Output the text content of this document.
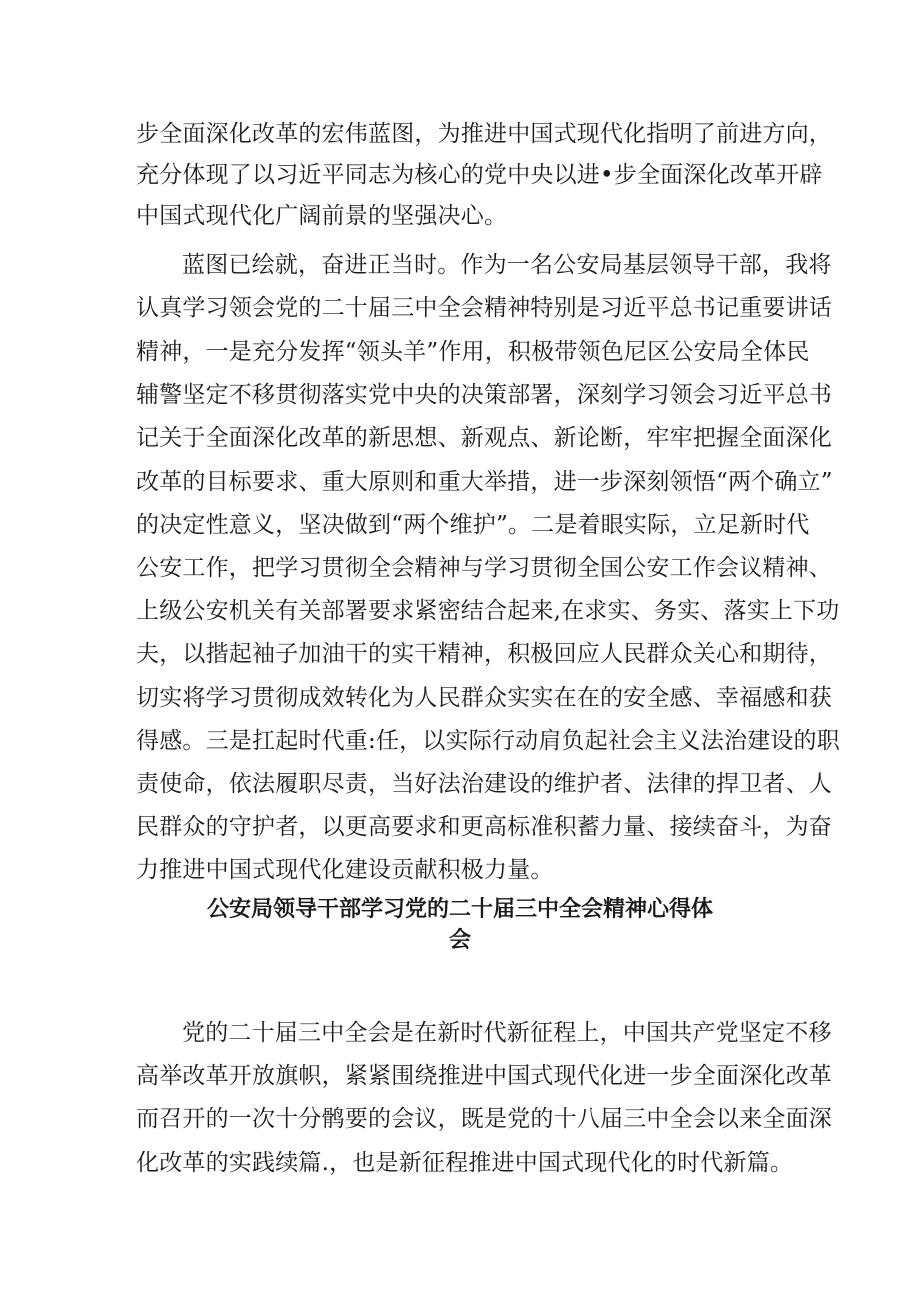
步全面深化改革的宏伟蓝图，为推进中国式现代化指明了前进方向，
充分体现了以习近平同志为核心的党中央以进•步全面深化改革开辟
中国式现代化广阔前景的坚强决心。
蓝图已绘就，奋进正当时。作为一名公安局基层领导干部，我将
认真学习领会党的二十届三中全会精神特别是习近平总书记重要讲话
精神，一是充分发挥“领头羊”作用，积极带领色尼区公安局全体民
辅警坚定不移贯彻落实党中央的决策部署，深刻学习领会习近平总书
记关于全面深化改革的新思想、新观点、新论断，牢牢把握全面深化
改革的目标要求、重大原则和重大举措，进一步深刻领悟“两个确立”
的决定性意义，坚决做到“两个维护”。二是着眼实际，立足新时代
公安工作，把学习贯彻全会精神与学习贯彻全国公安工作会议精神、
上级公安机关有关部署要求紧密结合起来,在求实、务实、落实上下功
夫，以揩起袖子加油干的实干精神，积极回应人民群众关心和期待，
切实将学习贯彻成效转化为人民群众实实在在的安全感、幸福感和获
得感。三是扛起时代重:任，以实际行动肩负起社会主义法治建设的职
责使命，依法履职尽责，当好法治建设的维护者、法律的捍卫者、人
民群众的守护者，以更高要求和更高标准积蓄力量、接续奋斗，为奋
力推进中国式现代化建设贡献积极力量。
公安局领导干部学习党的二十届三中全会精神心得体
会
党的二十届三中全会是在新时代新征程上，中国共产党坚定不移
高举改革开放旗帜，紧紧围绕推进中国式现代化进一步全面深化改革
而召开的一次十分鹘要的会议，既是党的十八届三中全会以来全面深
化改革的实践续篇.，也是新征程推进中国式现代化的时代新篇。
